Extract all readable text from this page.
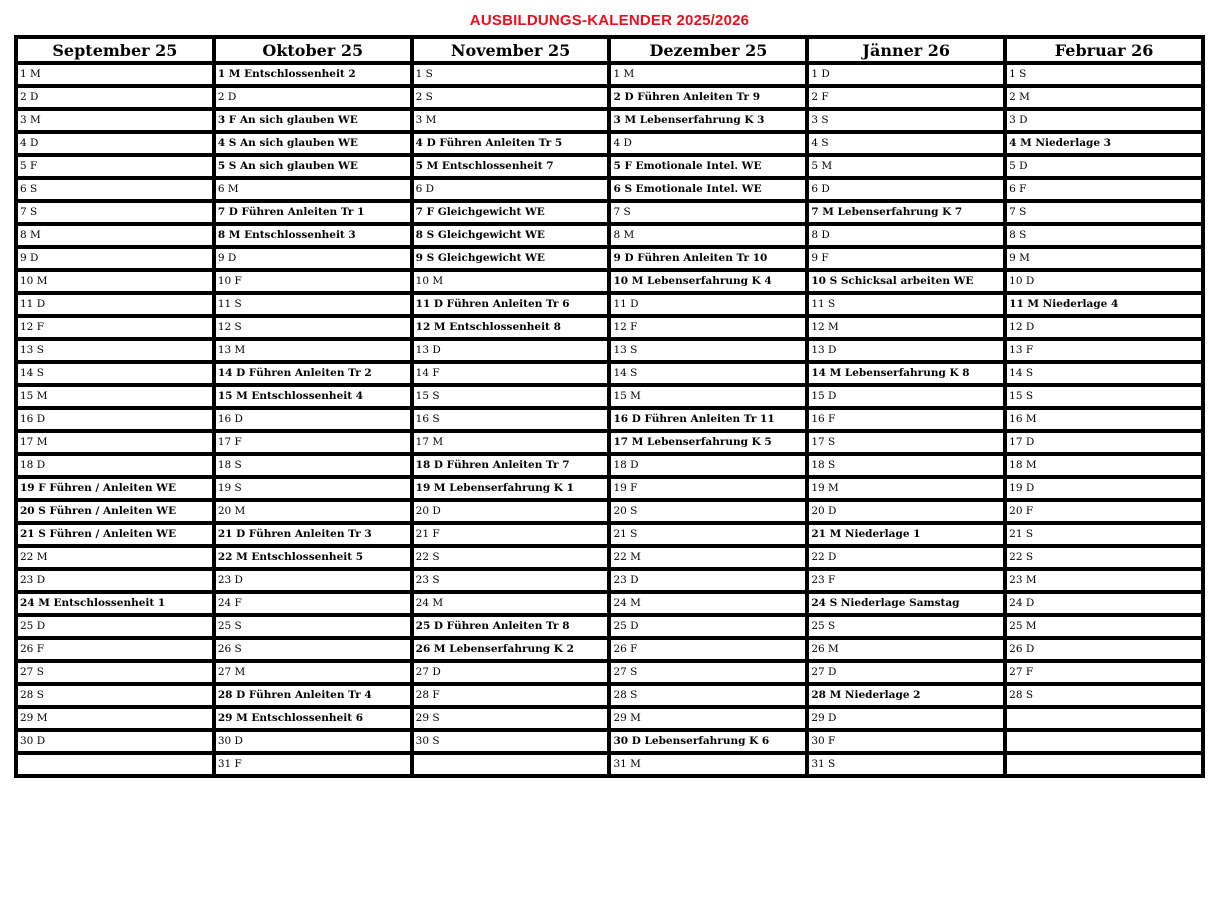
AUSBILDUNGS-KALENDER 2025/2026
September 25	Oktober 25	November 25	Dezember 25	Jänner 26	Februar 26
1 M	1 M Entschlossenheit 2	1 S	1 M	1 D	1 S
2 D	2 D	2 S	2 D Führen Anleiten Tr 9	2 F	2 M
3 M	3 F An sich glauben WE	3 M	3 M Lebenserfahrung K 3	3 S	3 D
4 D	4 S An sich glauben WE	4 D Führen Anleiten Tr 5	4 D	4 S	4 M Niederlage 3
5 F	5 S An sich glauben WE	5 M Entschlossenheit 7	5 F Emotionale Intel. WE	5 M	5 D
6 S	6 M	6 D	6 S Emotionale Intel. WE	6 D	6 F
7 S	7 D Führen Anleiten Tr 1	7 F Gleichgewicht WE	7 S	7 M Lebenserfahrung K 7	7 S
8 M	8 M Entschlossenheit 3	8 S Gleichgewicht WE	8 M	8 D	8 S
9 D	9 D	9 S Gleichgewicht WE	9 D Führen Anleiten Tr 10	9 F	9 M
10 M	10 F	10 M	10 M Lebenserfahrung K 4	10 S Schicksal arbeiten WE	10 D
11 D	11 S	11 D Führen Anleiten Tr 6	11 D	11 S	11 M Niederlage 4
12 F	12 S	12 M Entschlossenheit 8	12 F	12 M	12 D
13 S	13 M	13 D	13 S	13 D	13 F
14 S	14 D Führen Anleiten Tr 2	14 F	14 S	14 M Lebenserfahrung K 8	14 S
15 M	15 M Entschlossenheit 4	15 S	15 M	15 D	15 S
16 D	16 D	16 S	16 D Führen Anleiten Tr 11	16 F	16 M
17 M	17 F	17 M	17 M Lebenserfahrung K 5	17 S	17 D
18 D	18 S	18 D Führen Anleiten Tr 7	18 D	18 S	18 M
19 F Führen / Anleiten WE	19 S	19 M Lebenserfahrung K 1	19 F	19 M	19 D
20 S Führen / Anleiten WE	20 M	20 D	20 S	20 D	20 F
21 S Führen / Anleiten WE	21 D Führen Anleiten Tr 3	21 F	21 S	21 M Niederlage 1	21 S
22 M	22 M Entschlossenheit 5	22 S	22 M	22 D	22 S
23 D	23 D	23 S	23 D	23 F	23 M
24 M Entschlossenheit 1	24 F	24 M	24 M	24 S Niederlage Samstag	24 D
25 D	25 S	25 D Führen Anleiten Tr 8	25 D	25 S	25 M
26 F	26 S	26 M Lebenserfahrung K 2	26 F	26 M	26 D
27 S	27 M	27 D	27 S	27 D	27 F
28 S	28 D Führen Anleiten Tr 4	28 F	28 S	28 M Niederlage 2	28 S
29 M	29 M Entschlossenheit 6	29 S	29 M	29 D	
30 D	30 D	30 S	30 D Lebenserfahrung K 6	30 F	
	31 F		31 M	31 S	
